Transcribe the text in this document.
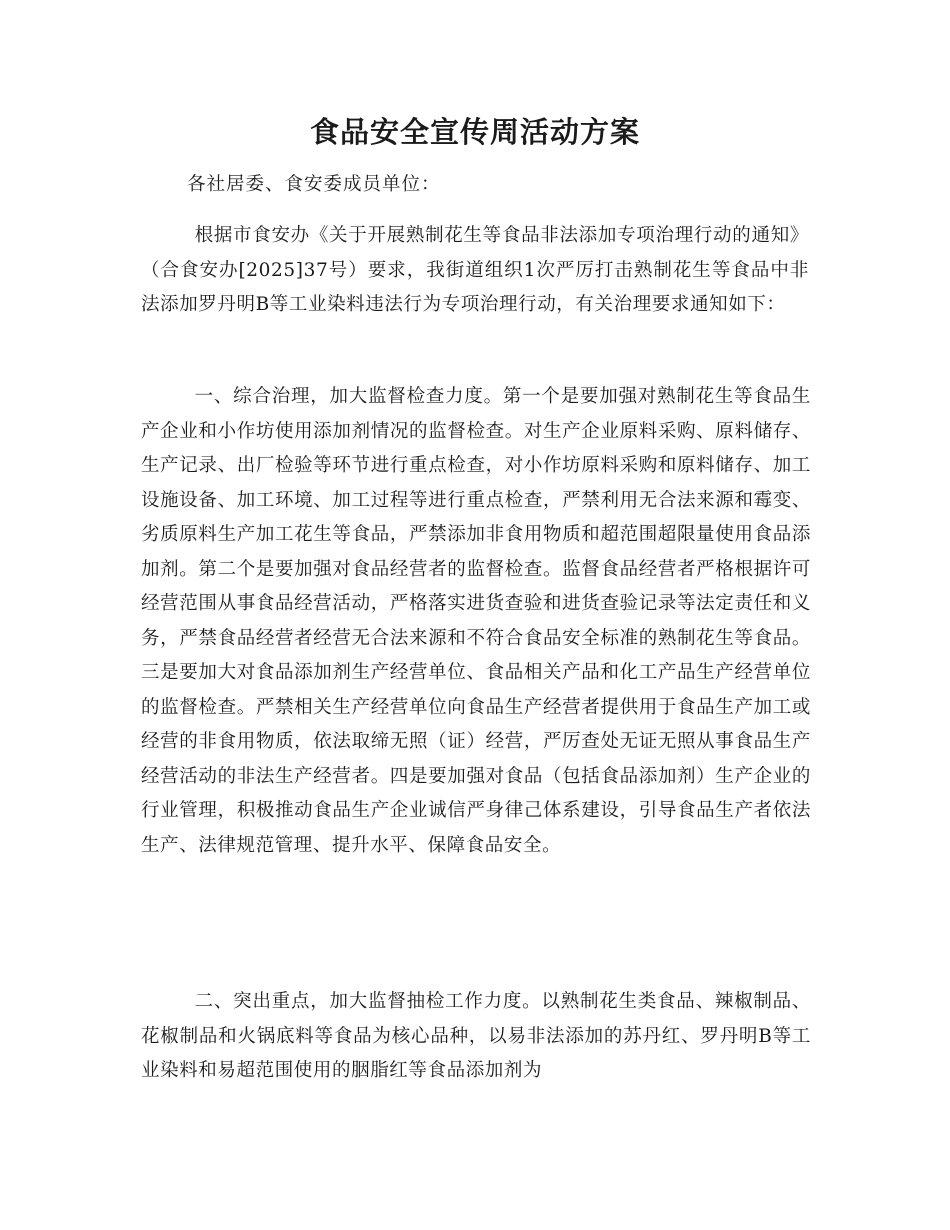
食品安全宣传周活动方案

各社居委、食安委成员单位：

根据市食安办《关于开展熟制花生等食品非法添加专项治理行动的通知》（合食安办[2025]37号）要求，我街道组织1次严厉打击熟制花生等食品中非法添加罗丹明B等工业染料违法行为专项治理行动，有关治理要求通知如下：

一、综合治理，加大监督检查力度。第一个是要加强对熟制花生等食品生产企业和小作坊使用添加剂情况的监督检查。对生产企业原料采购、原料储存、生产记录、出厂检验等环节进行重点检查，对小作坊原料采购和原料储存、加工设施设备、加工环境、加工过程等进行重点检查，严禁利用无合法来源和霉变、劣质原料生产加工花生等食品，严禁添加非食用物质和超范围超限量使用食品添加剂。第二个是要加强对食品经营者的监督检查。监督食品经营者严格根据许可经营范围从事食品经营活动，严格落实进货查验和进货查验记录等法定责任和义务，严禁食品经营者经营无合法来源和不符合食品安全标准的熟制花生等食品。三是要加大对食品添加剂生产经营单位、食品相关产品和化工产品生产经营单位的监督检查。严禁相关生产经营单位向食品生产经营者提供用于食品生产加工或经营的非食用物质，依法取缔无照（证）经营，严厉查处无证无照从事食品生产经营活动的非法生产经营者。四是要加强对食品（包括食品添加剂）生产企业的行业管理，积极推动食品生产企业诚信严身律己体系建设，引导食品生产者依法生产、法律规范管理、提升水平、保障食品安全。

二、突出重点，加大监督抽检工作力度。以熟制花生类食品、辣椒制品、花椒制品和火锅底料等食品为核心品种，以易非法添加的苏丹红、罗丹明B等工业染料和易超范围使用的胭脂红等食品添加剂为
